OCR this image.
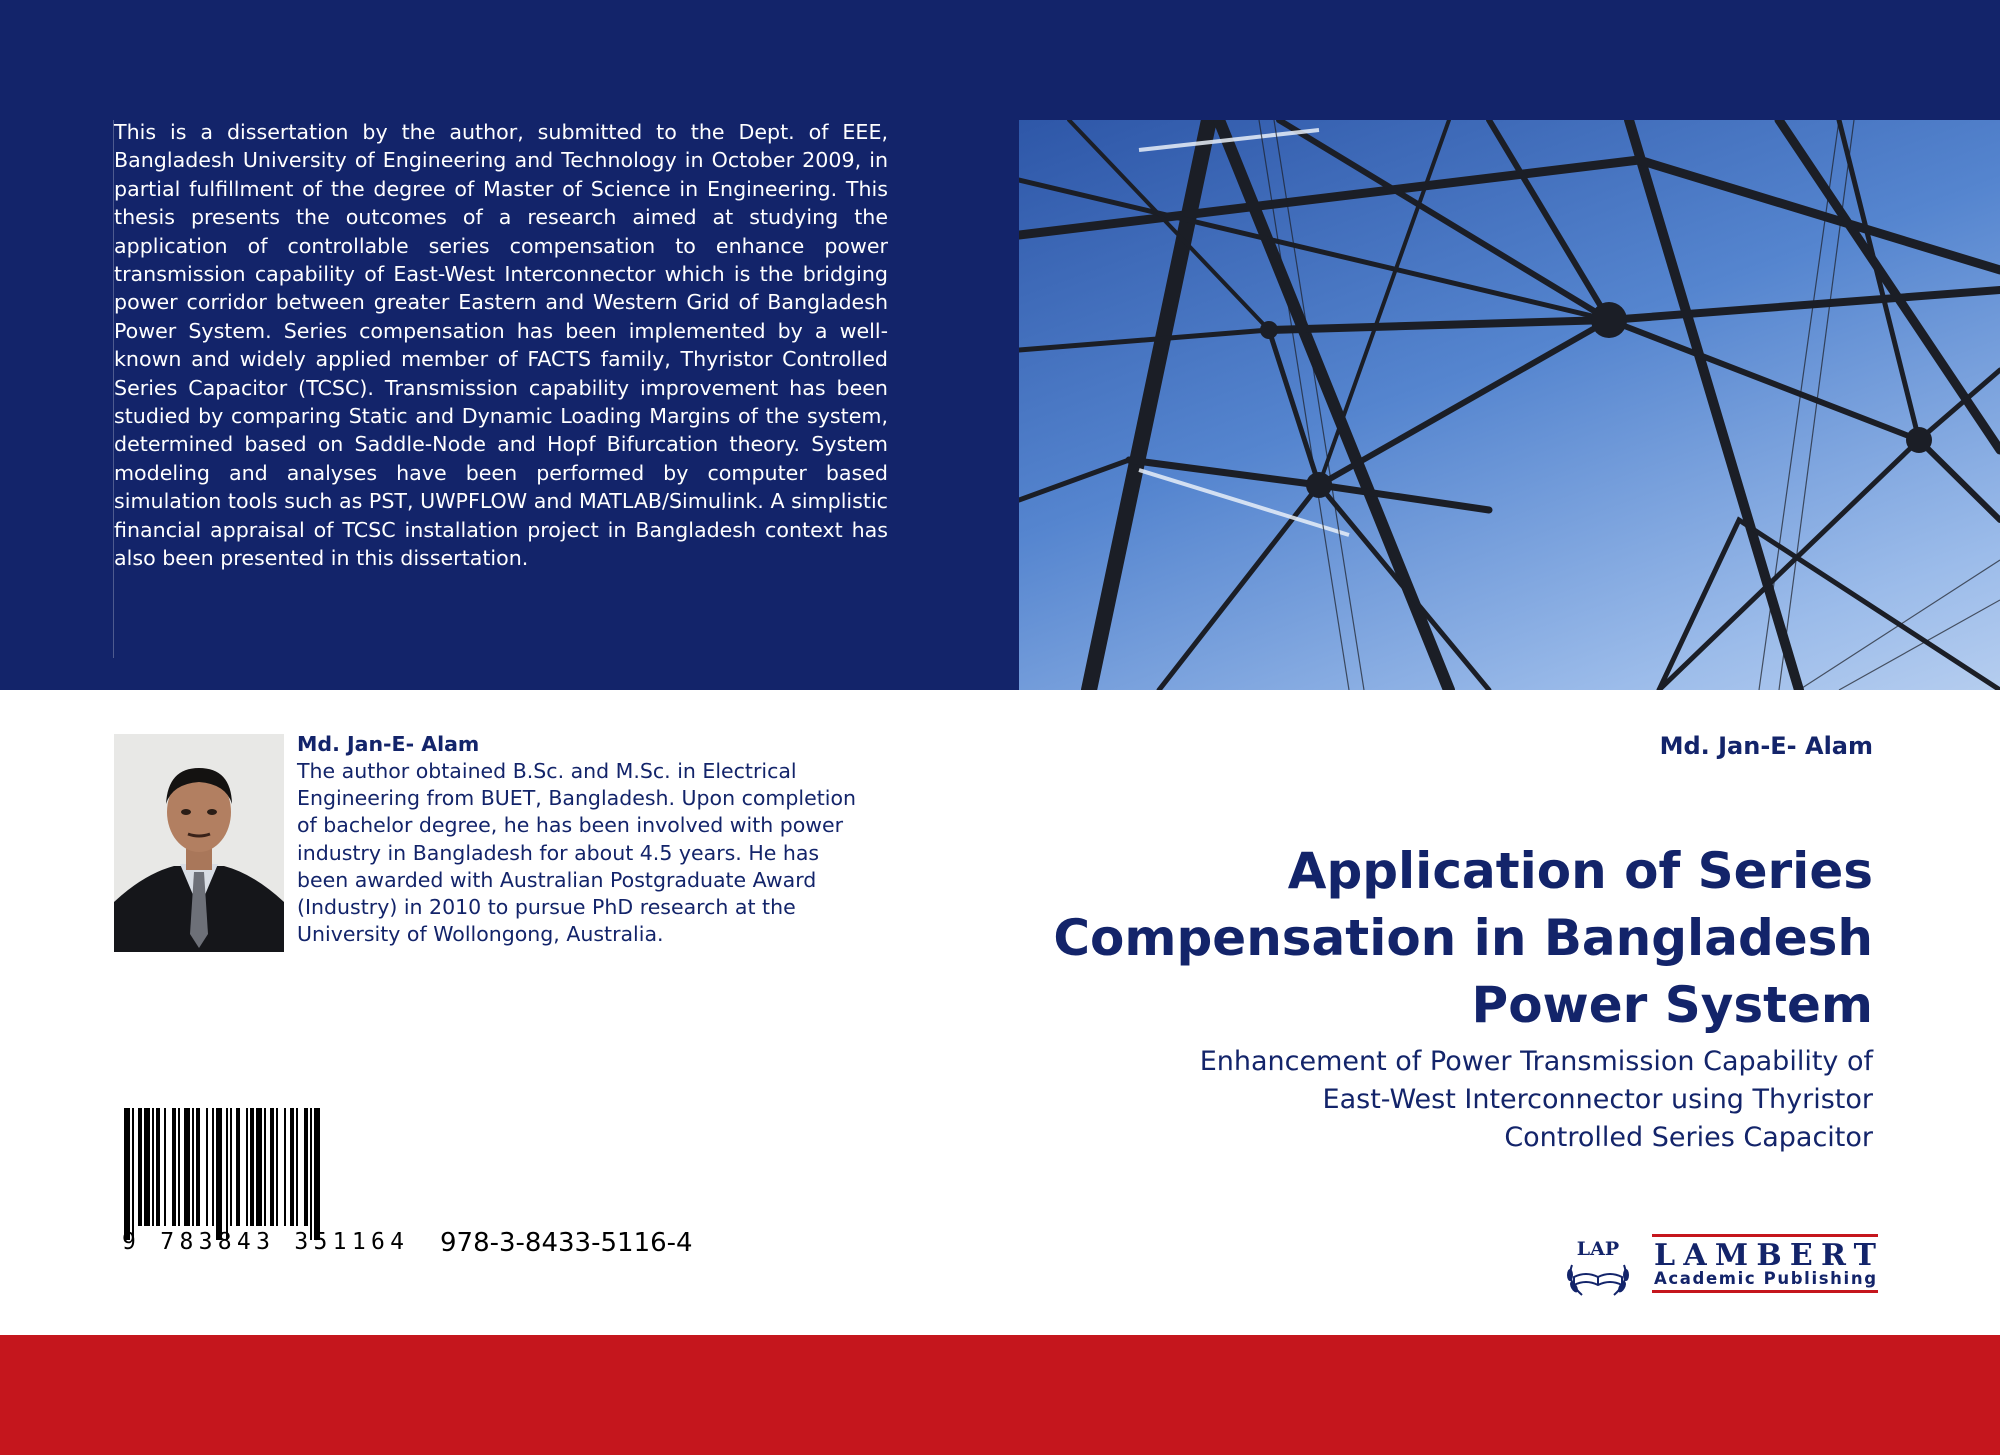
This is a dissertation by the author, submitted to the Dept. of EEE, Bangladesh University of Engineering and Technology in October 2009, in partial fulfillment of the degree of Master of Science in Engineering. This thesis presents the outcomes of a research aimed at studying the application of controllable series compensation to enhance power transmission capability of East-West Interconnector which is the bridging power corridor between greater Eastern and Western Grid of Bangladesh Power System. Series compensation has been implemented by a well-known and widely applied member of FACTS family, Thyristor Controlled Series Capacitor (TCSC). Transmission capability improvement has been studied by comparing Static and Dynamic Loading Margins of the system, determined based on Saddle-Node and Hopf Bifurcation theory. System modeling and analyses have been performed by computer based simulation tools such as PST, UWPFLOW and MATLAB/Simulink. A simplistic financial appraisal of TCSC installation project in Bangladesh context has also been presented in this dissertation.

Md. Jan-E- Alam

The author obtained B.Sc. and M.Sc. in Electrical Engineering from BUET, Bangladesh. Upon completion of bachelor degree, he has been involved with power industry in Bangladesh for about 4.5 years. He has been awarded with Australian Postgraduate Award (Industry) in 2010 to pursue PhD research at the University of Wollongong, Australia.

Md. Jan-E- Alam
Application of Series
Compensation in Bangladesh
Power System

Enhancement of Power Transmission Capability of
East-West Interconnector using Thyristor
Controlled Series Capacitor

9 783843 351164 978-3-8433-5116-4	LAP LAMBERT
Academic Publishing
